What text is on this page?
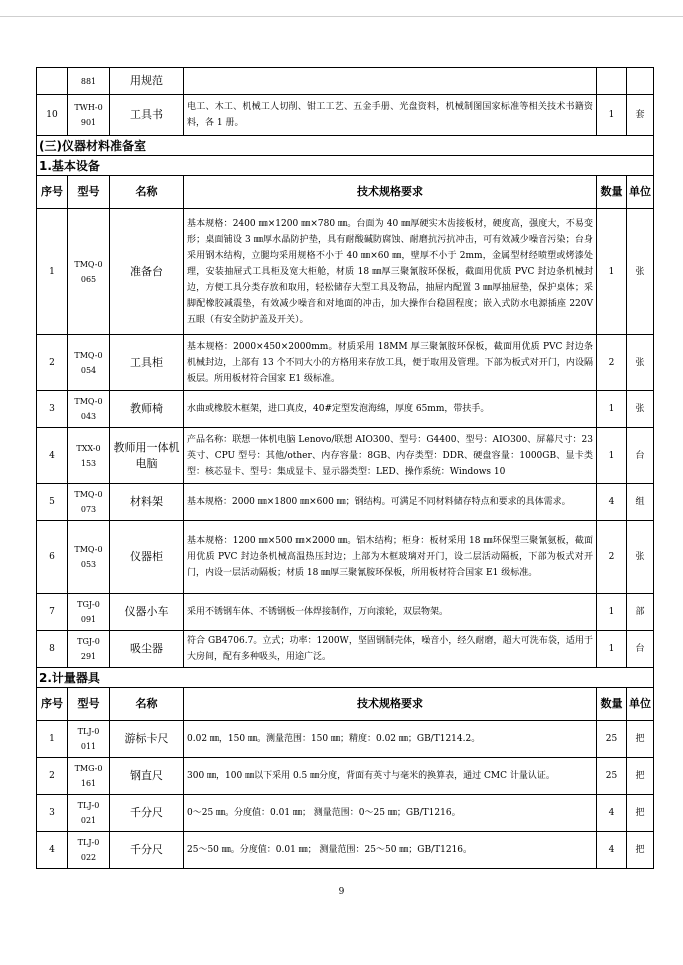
	881	用规范			
10	TWH-0 901	工具书	电工、木工、机械工人切削、钳工工艺、五金手册、光盘资料，机械制图国家标准等相关技术书籍资料，各 1 册。	1	套
(三)仪器材料准备室					
1.基本设备					
序号	型号	名称	技术规格要求	数量	单位
1	TMQ-0 065	准备台	基本规格：2400 ㎜×1200 ㎜×780 ㎜。台面为 40 ㎜厚硬实木齿接板材，硬度高，强度大，不易变形；桌面铺设 3 ㎜厚水晶防护垫，具有耐酸碱防腐蚀、耐磨抗污抗冲击，可有效减少噪音污染；台身采用钢木结构，立腿均采用规格不小于 40 ㎜×60 ㎜，壁厚不小于 2mm，金属型材经喷塑或烤漆处理，安装抽屉式工具柜及宽大柜舱，材质 18 ㎜厚三聚氰胺环保板，截面用优质 PVC 封边条机械封边，方便工具分类存放和取用，轻松储存大型工具及物品，抽屉内配置 3 ㎜厚抽屉垫，保护桌体；采脚配橡胶减震垫，有效减少噪音和对地面的冲击，加大操作台稳固程度；嵌入式防水电源插座 220V 五眼（有安全防护盖及开关）。	1	张
2	TMQ-0 054	工具柜	基本规格：2000×450×2000mm。材质采用 18MM 厚三聚氰胺环保板，截面用优质 PVC 封边条机械封边，上部有 13 个不同大小的方格用来存放工具，便于取用及管理。下部为板式对开门，内设隔板层。所用板材符合国家 E1 级标准。	2	张
3	TMQ-0 043	教师椅	水曲或橡胶木框架，进口真皮，40#定型发泡海绵，厚度 65mm，带扶手。	1	张
4	TXX-0 153	教师用一体机电脑	产品名称：联想一体机电脑 Lenovo/联想 AIO300、型号：G4400、型号：AIO300、屏幕尺寸：23 英寸、CPU 型号：其他/other、内存容量：8GB、内存类型：DDR、硬盘容量：1000GB、显卡类型：核芯显卡、型号：集成显卡、显示器类型：LED、操作系统：Windows 10	1	台
5	TMQ-0 073	材料架	基本规格：2000 ㎜×1800 ㎜×600 ㎜；钢结构。可满足不同材料储存特点和要求的具体需求。	4	组
6	TMQ-0 053	仪器柜	基本规格：1200 ㎜×500 ㎜×2000 ㎜。铝木结构；柜身：板材采用 18 ㎜环保型三聚氰氨板，截面用优质 PVC 封边条机械高温热压封边；上部为木框玻璃对开门，设二层活动隔板，下部为板式对开门，内设一层活动隔板；材质 18 ㎜厚三聚氰胺环保板，所用板材符合国家 E1 级标准。	2	张
7	TGJ-0 091	仪器小车	采用不锈钢车体、不锈钢板一体焊接制作，万向滚轮，双层物架。	1	部
8	TGJ-0 291	吸尘器	符合 GB4706.7。立式；功率：1200W，坚固钢制壳体，噪音小，经久耐磨，超大可洗布袋，适用于大房间，配有多种吸头，用途广泛。	1	台
2.计量器具					
序号	型号	名称	技术规格要求	数量	单位
1	TLJ-0 011	游标卡尺	0.02 ㎜，150 ㎜。测量范围：150 ㎜；精度：0.02 ㎜；GB/T1214.2。	25	把
2	TMG-0 161	钢直尺	300 ㎜，100 ㎜以下采用 0.5 ㎜分度，背面有英寸与毫米的换算表，通过 CMC 计量认证。	25	把
3	TLJ-0 021	千分尺	0～25 ㎜。分度值：0.01 ㎜； 测量范围：0～25 ㎜；GB/T1216。	4	把
4	TLJ-0 022	千分尺	25～50 ㎜。分度值：0.01 ㎜； 测量范围：25～50 ㎜；GB/T1216。	4	把
9
